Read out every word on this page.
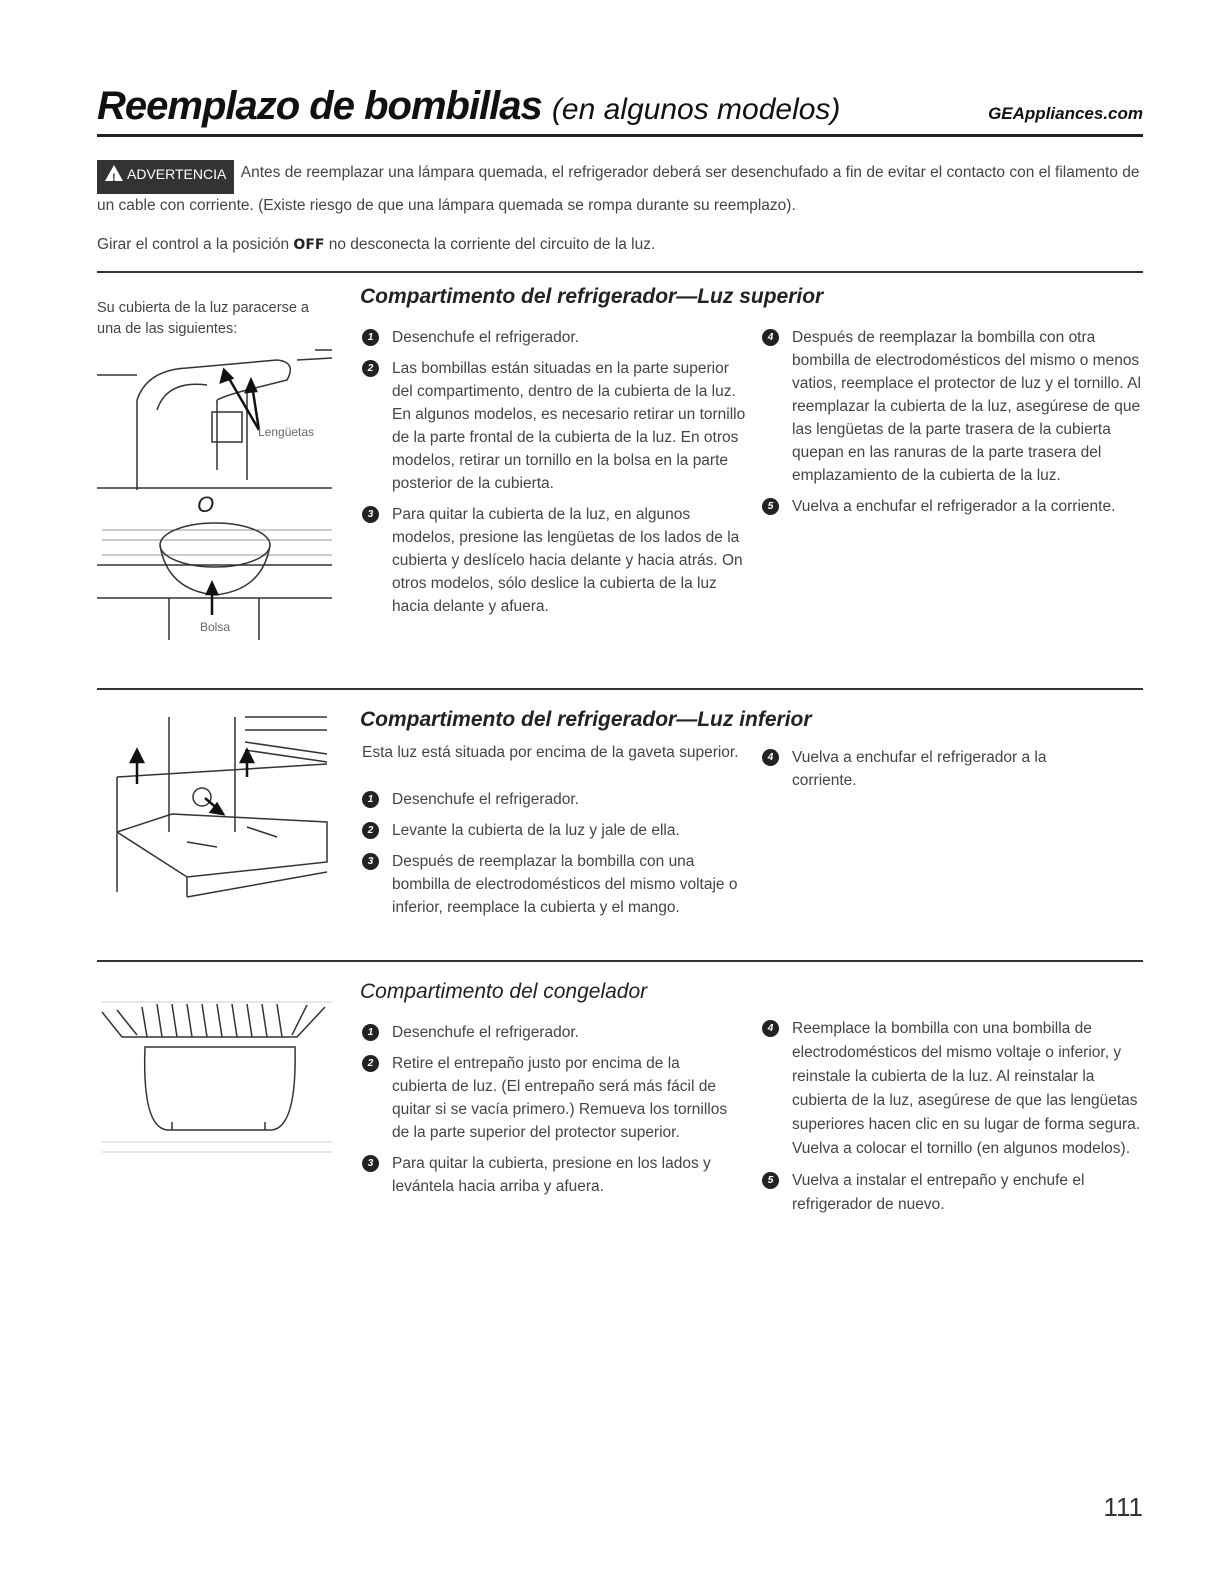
Reemplazo de bombillas (en algunos modelos)	GEAppliances.com
!ADVERTENCIA Antes de reemplazar una lámpara quemada, el refrigerador deberá ser desenchufado a fin de evitar el contacto con el filamento de un cable con corriente. (Existe riesgo de que una lámpara quemada se rompa durante su reemplazo).
Girar el control a la posición OFF no desconecta la corriente del circuito de la luz.
Compartimento del refrigerador—Luz superior
Su cubierta de la luz paracerse a una de las siguientes:
Lengüetas
O
Bolsa
1	Desenchufe el refrigerador.
2	Las bombillas están situadas en la parte superior del compartimento, dentro de la cubierta de la luz. En algunos modelos, es necesario retirar un tornillo de la parte frontal de la cubierta de la luz. En otros modelos, retirar un tornillo en la bolsa en la parte posterior de la cubierta.
3	Para quitar la cubierta de la luz, en algunos modelos, presione las lengüetas de los lados de la cubierta y deslícelo hacia delante y hacia atrás. On otros modelos, sólo deslice la cubierta de la luz hacia delante y afuera.
4	Después de reemplazar la bombilla con otra bombilla de electrodomésticos del mismo o menos vatios, reemplace el protector de luz y el tornillo. Al reemplazar la cubierta de la luz, asegúrese de que las lengüetas de la parte trasera de la cubierta quepan en las ranuras de la parte trasera del emplazamiento de la cubierta de la luz.
5	Vuelva a enchufar el refrigerador a la corriente.
Compartimento del refrigerador—Luz inferior
Esta luz está situada por encima de la gaveta superior.
1	Desenchufe el refrigerador.
2	Levante la cubierta de la luz y jale de ella.
3	Después de reemplazar la bombilla con una bombilla de electrodomésticos del mismo voltaje o inferior, reemplace la cubierta y el mango.
4	Vuelva a enchufar el refrigerador a la corriente.
Compartimento del congelador
1	Desenchufe el refrigerador.
2	Retire el entrepaño justo por encima de la cubierta de luz. (El entrepaño será más fácil de quitar si se vacía primero.) Remueva los tornillos de la parte superior del protector superior.
3	Para quitar la cubierta, presione en los lados y levántela hacia arriba y afuera.
4	Reemplace la bombilla con una bombilla de electrodomésticos del mismo voltaje o inferior, y reinstale la cubierta de la luz. Al reinstalar la cubierta de la luz, asegúrese de que las lengüetas superiores hacen clic en su lugar de forma segura. Vuelva a colocar el tornillo (en algunos modelos).
5	Vuelva a instalar el entrepaño y enchufe el refrigerador de nuevo.
111
